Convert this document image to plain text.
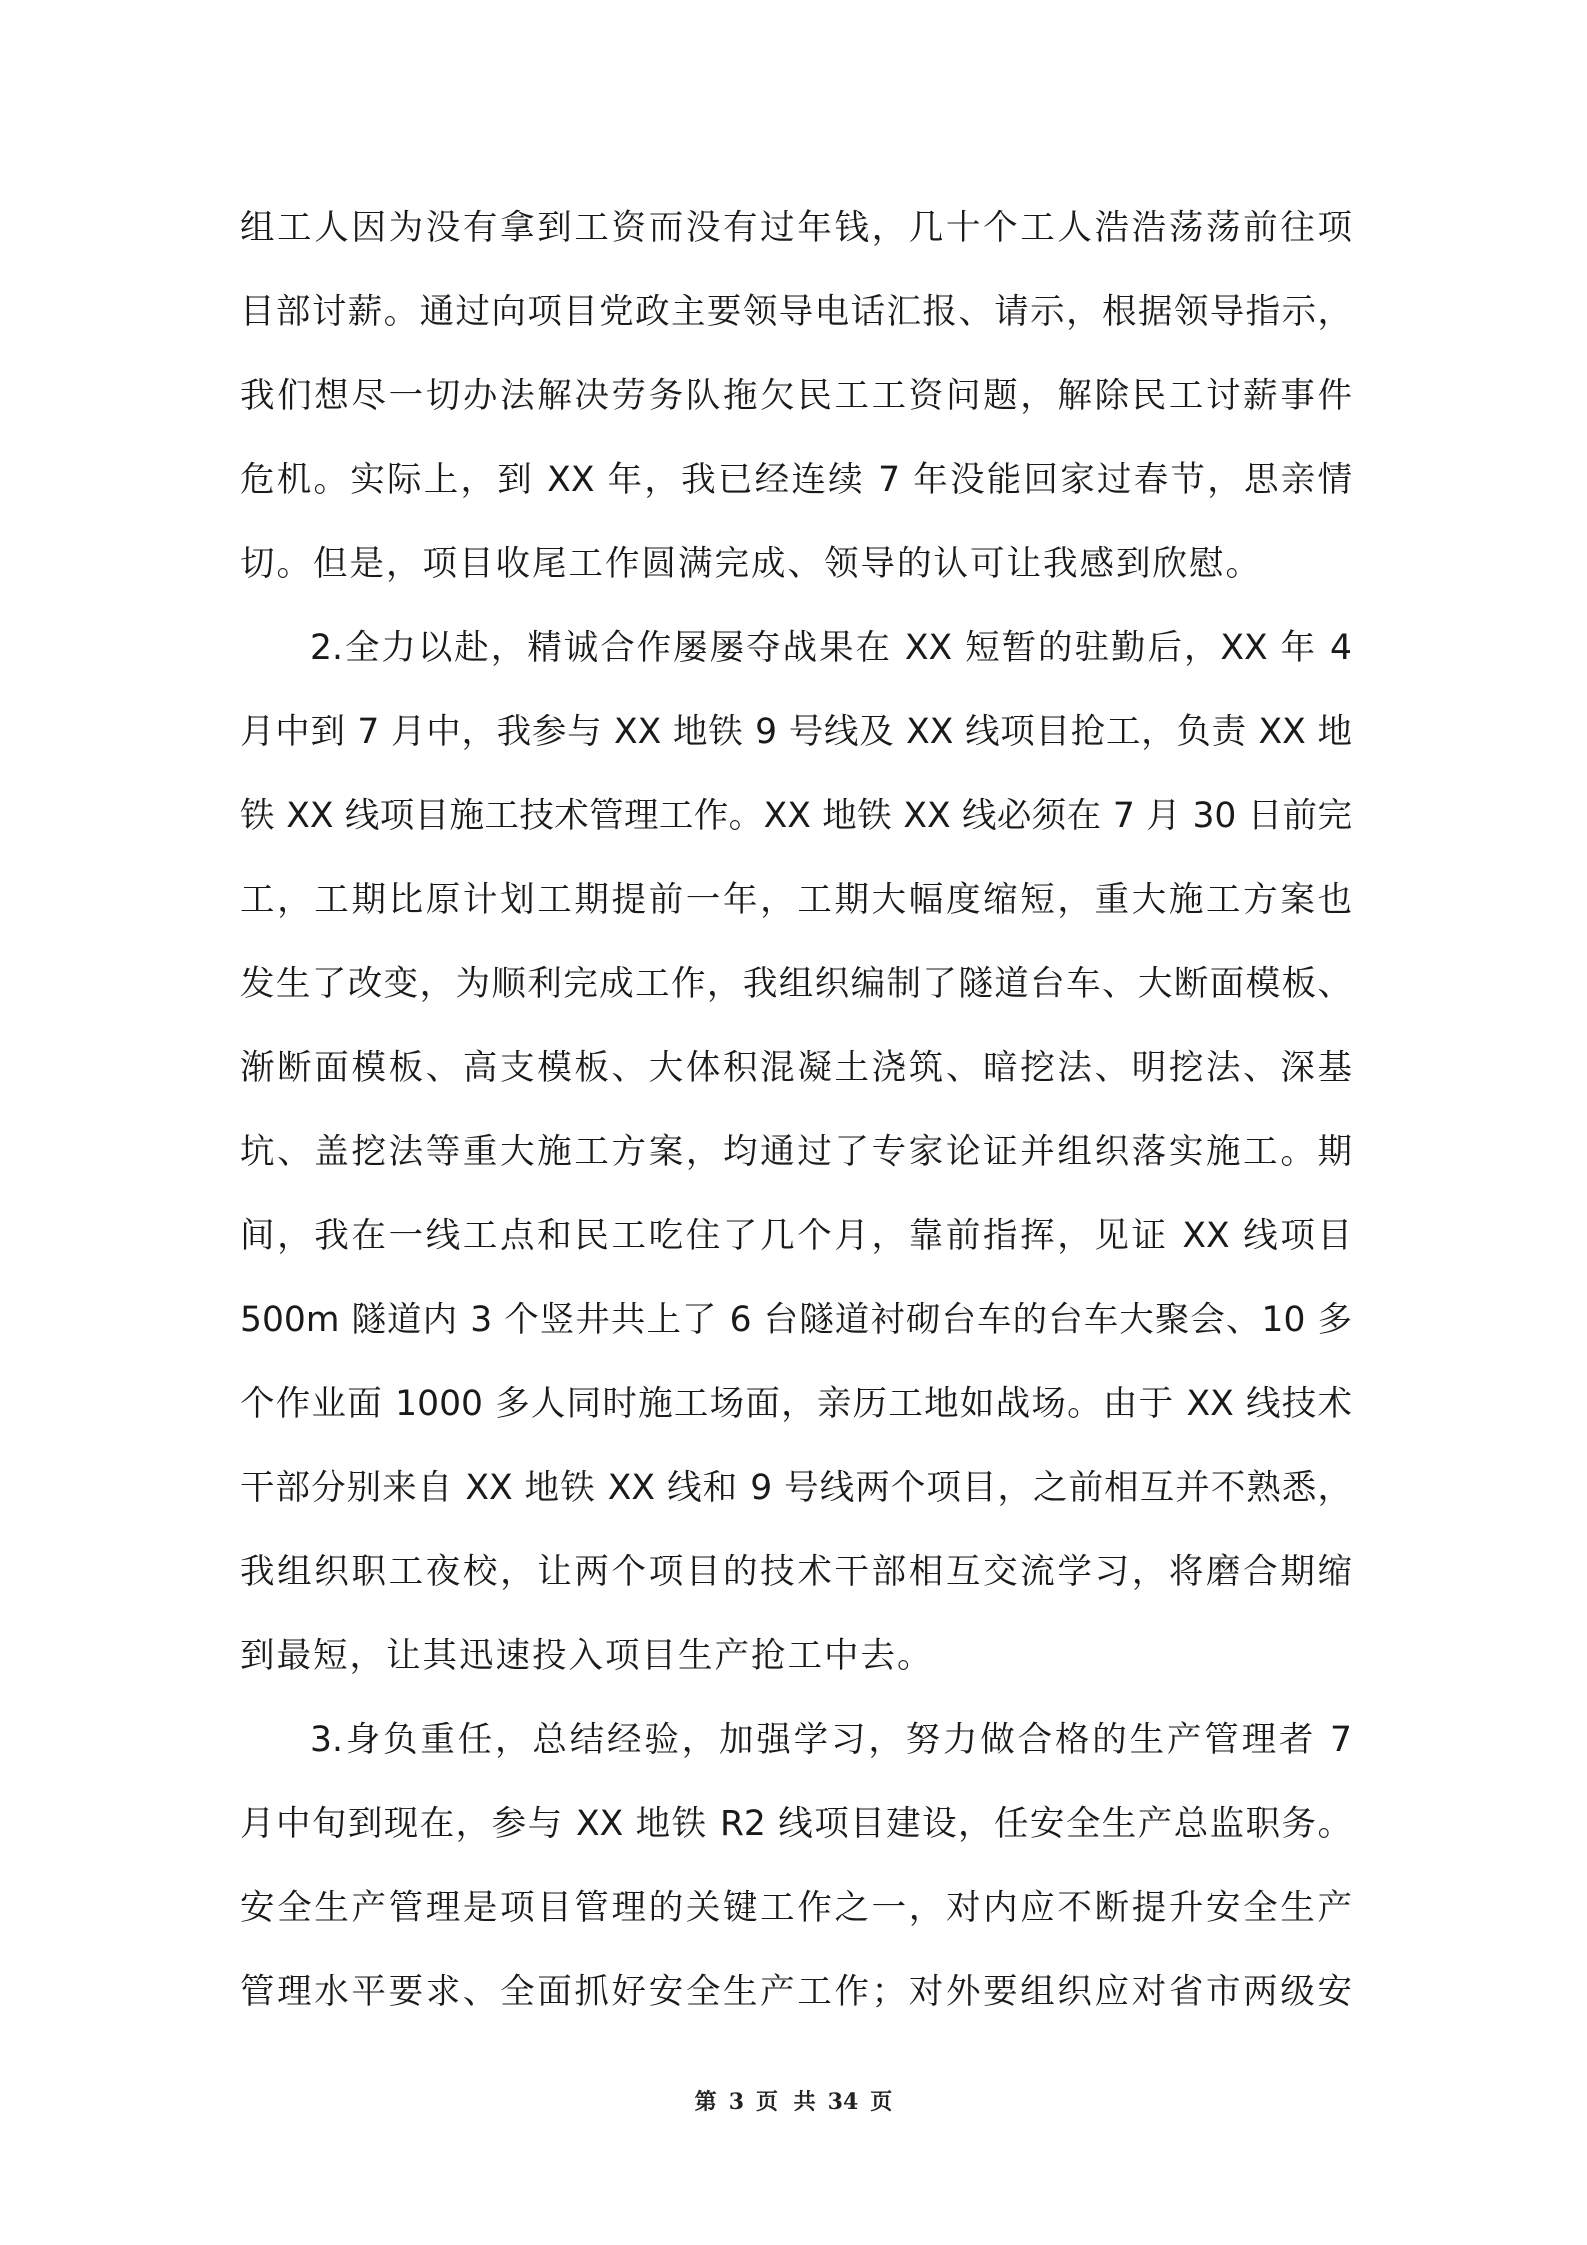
组工人因为没有拿到工资而没有过年钱，几十个工人浩浩荡荡前往项
目部讨薪。通过向项目党政主要领导电话汇报、请示，根据领导指示，
我们想尽一切办法解决劳务队拖欠民工工资问题，解除民工讨薪事件
危机。实际上，到 XX 年，我已经连续 7 年没能回家过春节，思亲情
切。但是，项目收尾工作圆满完成、领导的认可让我感到欣慰。
2.全力以赴，精诚合作屡屡夺战果在 XX 短暂的驻勤后，XX 年 4
月中到 7 月中，我参与 XX 地铁 9 号线及 XX 线项目抢工，负责 XX 地
铁 XX 线项目施工技术管理工作。XX 地铁 XX 线必须在 7 月 30 日前完
工，工期比原计划工期提前一年，工期大幅度缩短，重大施工方案也
发生了改变，为顺利完成工作，我组织编制了隧道台车、大断面模板、
渐断面模板、高支模板、大体积混凝土浇筑、暗挖法、明挖法、深基
坑、盖挖法等重大施工方案，均通过了专家论证并组织落实施工。期
间，我在一线工点和民工吃住了几个月，靠前指挥，见证 XX 线项目
500m 隧道内 3 个竖井共上了 6 台隧道衬砌台车的台车大聚会、10 多
个作业面 1000 多人同时施工场面，亲历工地如战场。由于 XX 线技术
干部分别来自 XX 地铁 XX 线和 9 号线两个项目，之前相互并不熟悉，
我组织职工夜校，让两个项目的技术干部相互交流学习，将磨合期缩
到最短，让其迅速投入项目生产抢工中去。
3.身负重任，总结经验，加强学习，努力做合格的生产管理者 7
月中旬到现在，参与 XX 地铁 R2 线项目建设，任安全生产总监职务。
安全生产管理是项目管理的关键工作之一，对内应不断提升安全生产
管理水平要求、全面抓好安全生产工作；对外要组织应对省市两级安
第 3 页 共 34 页
